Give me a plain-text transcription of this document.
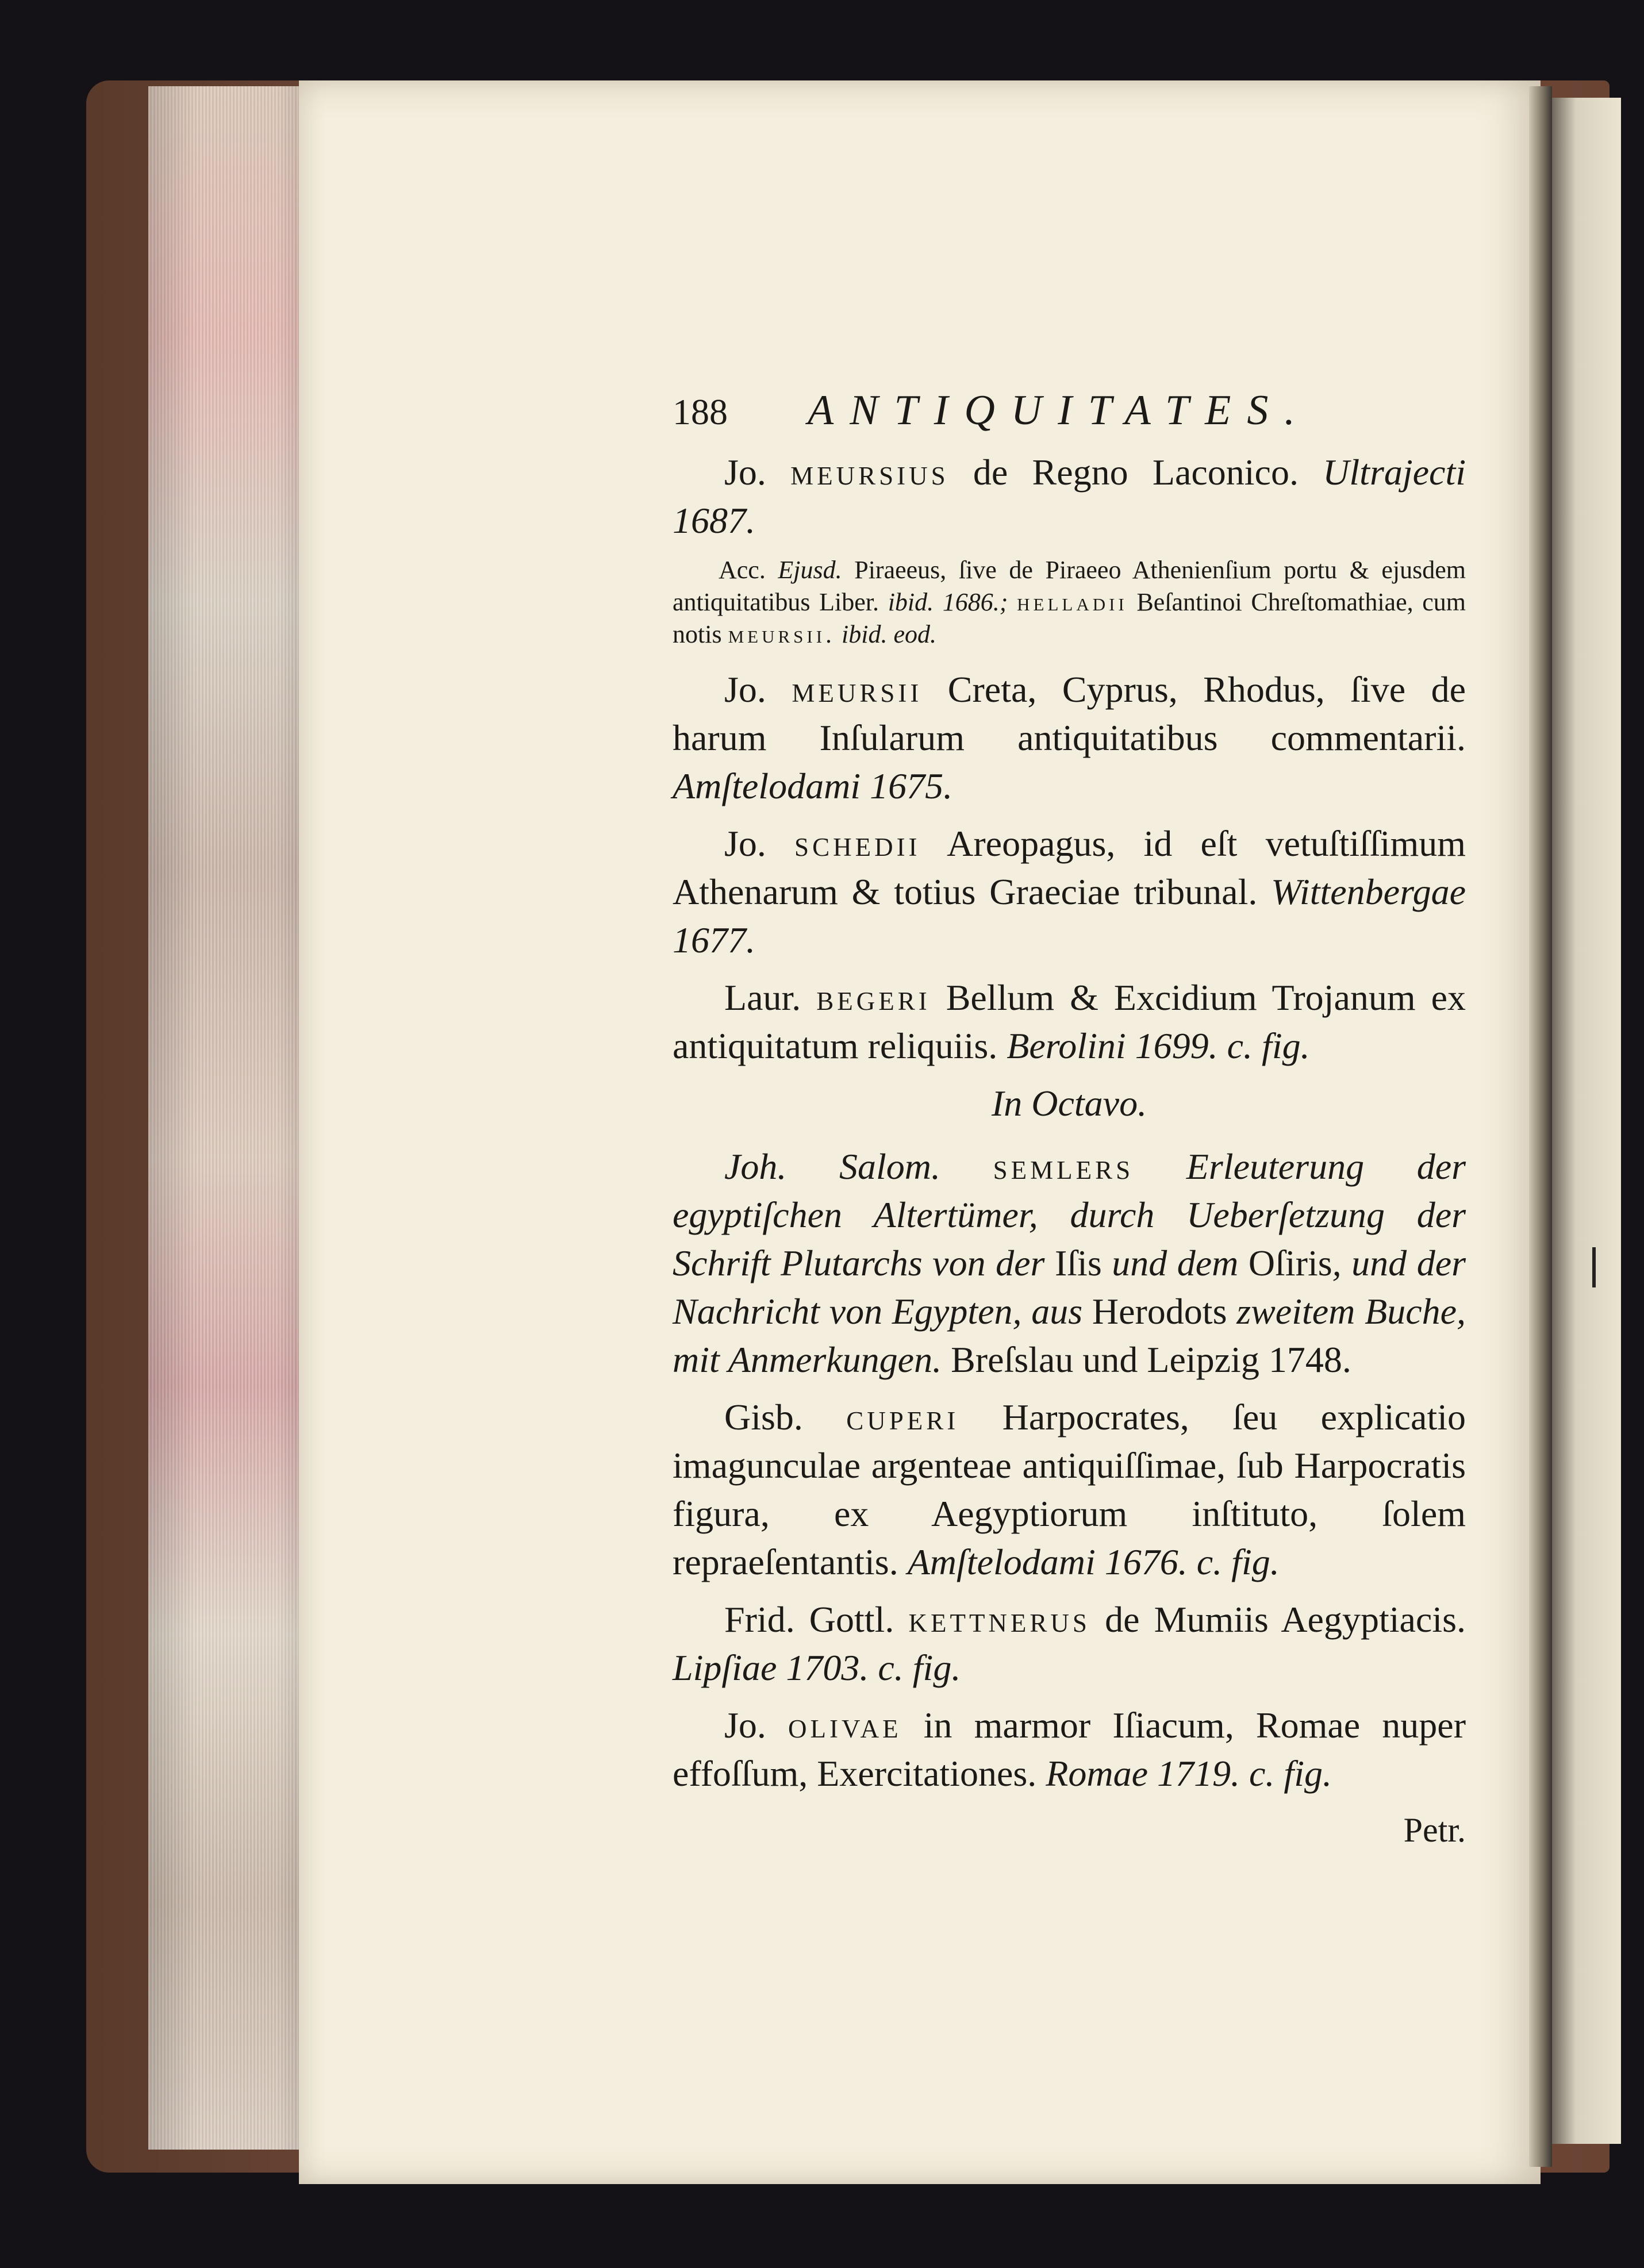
188 ANTIQUITATES.

Jo. meursius de Regno Laconico. Ultrajecti 1687.

Acc. Ejusd. Piraeeus, ſive de Piraeeo Athenienſium portu & ejusdem antiquitatibus Liber. ibid. 1686.; helladii Beſantinoi Chreſtomathiae, cum notis meursii. ibid. eod.

Jo. meursii Creta, Cyprus, Rhodus, ſive de harum Inſularum antiquitatibus commentarii. Amſtelodami 1675.

Jo. schedii Areopagus, id eſt vetuſtiſſimum Athenarum & totius Graeciae tribunal. Wittenbergae 1677.

Laur. begeri Bellum & Excidium Trojanum ex antiquitatum reliquiis. Berolini 1699. c. fig.

In Octavo.

Joh. Salom. semlers Erleuterung der egyptiſchen Altertümer, durch Ueberſetzung der Schrift Plutarchs von der Iſis und dem Oſiris, und der Nachricht von Egypten, aus Herodots zweitem Buche, mit Anmerkungen. Breſslau und Leipzig 1748.

Gisb. cuperi Harpocrates, ſeu explicatio imagunculae argenteae antiquiſſimae, ſub Harpocratis figura, ex Aegyptiorum inſtituto, ſolem repraeſentantis. Amſtelodami 1676. c. fig.

Frid. Gottl. kettnerus de Mumiis Aegyptiacis. Lipſiae 1703. c. fig.

Jo. olivae in marmor Iſiacum, Romae nuper effoſſum, Exercitationes. Romae 1719. c. fig.

Petr.
